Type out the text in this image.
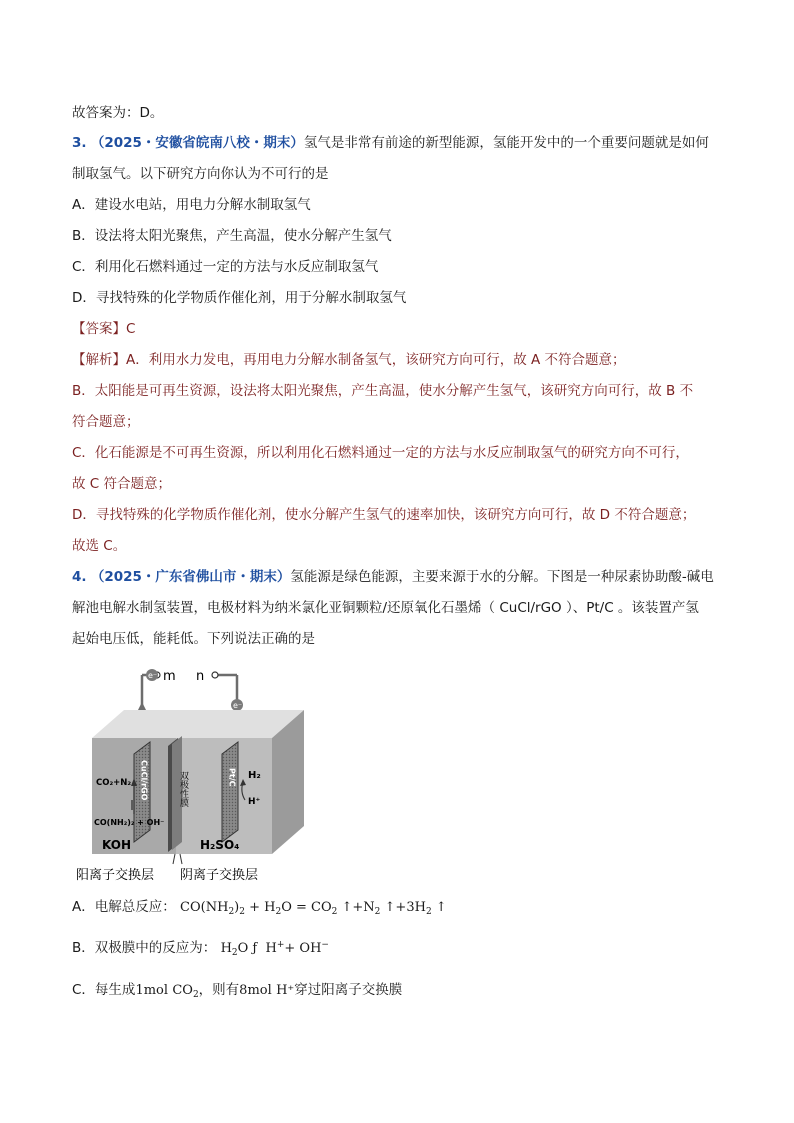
故答案为：D。
3. （2025・安徽省皖南八校・期末）氢气是非常有前途的新型能源，氢能开发中的一个重要问题就是如何
制取氢气。以下研究方向你认为不可行的是
A．建设水电站，用电力分解水制取氢气
B．设法将太阳光聚焦，产生高温，使水分解产生氢气
C．利用化石燃料通过一定的方法与水反应制取氢气
D．寻找特殊的化学物质作催化剂，用于分解水制取氢气
【答案】C
【解析】A．利用水力发电，再用电力分解水制备氢气，该研究方向可行，故 A 不符合题意；
B．太阳能是可再生资源，设法将太阳光聚焦，产生高温，使水分解产生氢气，该研究方向可行，故 B 不
符合题意；
C．化石能源是不可再生资源，所以利用化石燃料通过一定的方法与水反应制取氢气的研究方向不可行，
故 C 符合题意；
D．寻找特殊的化学物质作催化剂，使水分解产生氢气的速率加快，该研究方向可行，故 D 不符合题意；
故选 C。
4. （2025・广东省佛山市・期末）氢能源是绿色能源，主要来源于水的分解。下图是一种尿素协助酸-碱电
解池电解水制氢装置，电极材料为纳米氯化亚铜颗粒/还原氧化石墨烯（ CuCl/rGO ）、Pt/C 。该装置产氢
起始电压低，能耗低。下列说法正确的是
m n
e⁻
e⁻
双极性膜
CuCl/rGO	Pt/C
CO₂+N₂
CO(NH₂)₂ + OH⁻
H₂
H⁺
KOH	H₂SO₄
阳离子交换层 阴离子交换层
A．电解总反应： $CO(NH_2)_2 + H_2O = CO_2$ $↑+N_2$ $↑+3H_2$ ↑
B．双极膜中的反应为： $H_2O$ ƒ  H++ OH−
C．每生成1mol $CO_2$，则有8mol H⁺穿过阳离子交换膜
